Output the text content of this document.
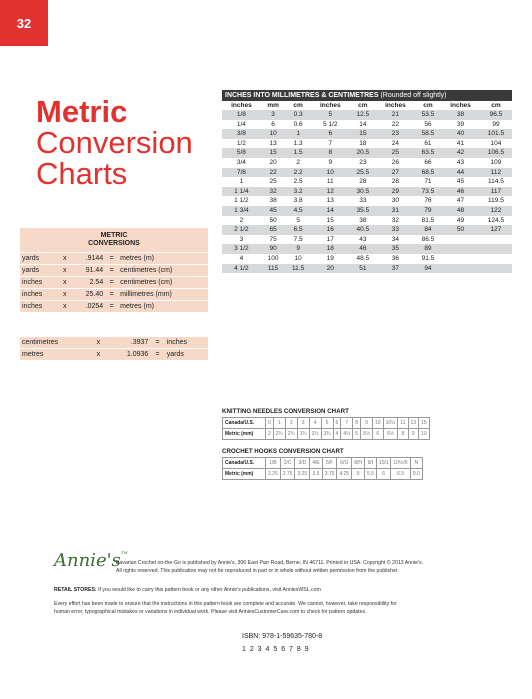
32
Metric
Conversion
Charts
METRIC
CONVERSIONS
yards	x	.9144	=	metres (m)
yards	x	91.44	=	centimetres (cm)
inches	x	2.54	=	centimetres (cm)
inches	x	25.40	=	millimetres (mm)
inches	x	.0254	=	metres (m)
centimetres	x	.3937	=	inches
metres	x	1.0936	=	yards
INCHES INTO MILLIMETRES & CENTIMETRES (Rounded off slightly)
inches	mm	cm	inches	cm	inches	cm	inches	cm
1/8	3	0.3	5	12.5	21	53.5	38	96.5
1/4	6	0.6	5 1/2	14	22	56	39	99
3/8	10	1	6	15	23	58.5	40	101.5
1/2	13	1.3	7	18	24	61	41	104
5/8	15	1.5	8	20.5	25	63.5	42	106.5
3/4	20	2	9	23	26	66	43	109
7/8	22	2.2	10	25.5	27	68.5	44	112
1	25	2.5	11	28	28	71	45	114.5
1 1/4	32	3.2	12	30.5	29	73.5	46	117
1 1/2	38	3.8	13	33	30	76	47	119.5
1 3/4	45	4.5	14	35.5	31	79	48	122
2	50	5	15	38	32	81.5	49	124.5
2 1/2	65	6.5	16	40.5	33	84	50	127
3	75	7.5	17	43	34	86.5		
3 1/2	90	9	18	46	35	89		
4	100	10	19	48.5	36	91.5		
4 1/2	115	11.5	20	51	37	94		
KNITTING NEEDLES CONVERSION CHART
Canada/U.S.	0	1	2	3	4	5	6	7	8	9	10	10½	11	13	15
Metric (mm)	2	2¼	2¾	3¼	3½	3¾	4	4½	5	5½	6	6½	8	9	10
CROCHET HOOKS CONVERSION CHART
Canada/U.S.	1/B	2/C	3/D	4/E	5/F	6/G	8/H	9/I	10/J	10½/K	N
Metric (mm)	2.25	2.75	3.25	3.5	3.75	4.25	5	5.5	6	6.5	9.0
Annie's™
Bavarian Crochet on-the-Go is published by Annie's, 306 East Parr Road, Berne, IN 46711. Printed in USA. Copyright © 2013 Annie's.
All rights reserved. This publication may not be reproduced in part or in whole without written permission from the publisher.
RETAIL STORES: If you would like to carry this pattern book or any other Annie's publications, visit AnniesWSL.com
Every effort has been made to ensure that the instructions in this pattern book are complete and accurate. We cannot, however, take responsibility for
human error, typographical mistakes or variations in individual work. Please visit AnniesCustomerCare.com to check for pattern updates.
ISBN: 978-1-59635-780-8
1 2 3 4 5 6 7 8 9
